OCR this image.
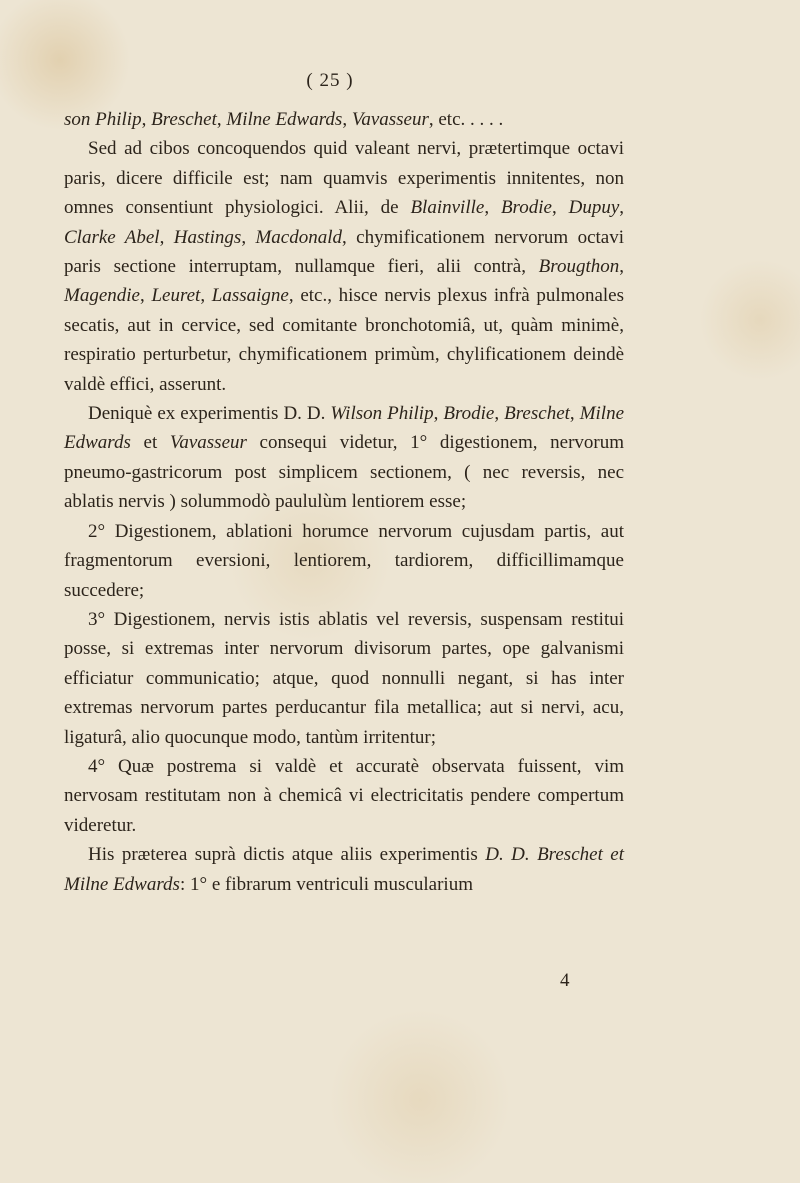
( 25 )

son Philip, Breschet, Milne Edwards, Vavasseur, etc. . . . .

Sed ad cibos concoquendos quid valeant nervi, prætertimque octavi paris, dicere difficile est; nam quamvis experimentis innitentes, non omnes consentiunt physiologici. Alii, de Blainville, Brodie, Dupuy, Clarke Abel, Hastings, Macdonald, chymificationem nervorum octavi paris sectione interruptam, nullamque fieri, alii contrà, Brougthon, Magendie, Leuret, Lassaigne, etc., hisce nervis plexus infrà pulmonales secatis, aut in cervice, sed comitante bronchotomiâ, ut, quàm minimè, respiratio perturbetur, chymificationem primùm, chylificationem deindè valdè effici, asserunt.

Deniquè ex experimentis D. D. Wilson Philip, Brodie, Breschet, Milne Edwards et Vavasseur consequi videtur, 1° digestionem, nervorum pneumo-gastricorum post simplicem sectionem, ( nec reversis, nec ablatis nervis ) solummodò paululùm lentiorem esse;

2° Digestionem, ablationi horumce nervorum cujusdam partis, aut fragmentorum eversioni, lentiorem, tardiorem, difficillimamque succedere;

3° Digestionem, nervis istis ablatis vel reversis, suspensam restitui posse, si extremas inter nervorum divisorum partes, ope galvanismi efficiatur communicatio; atque, quod nonnulli negant, si has inter extremas nervorum partes perducantur fila metallica; aut si nervi, acu, ligaturâ, alio quocunque modo, tantùm irritentur;

4° Quæ postrema si valdè et accuratè observata fuissent, vim nervosam restitutam non à chemicâ vi electricitatis pendere compertum videretur.

His præterea suprà dictis atque aliis experimentis D. D. Breschet et Milne Edwards: 1° e fibrarum ventriculi muscularium

4
